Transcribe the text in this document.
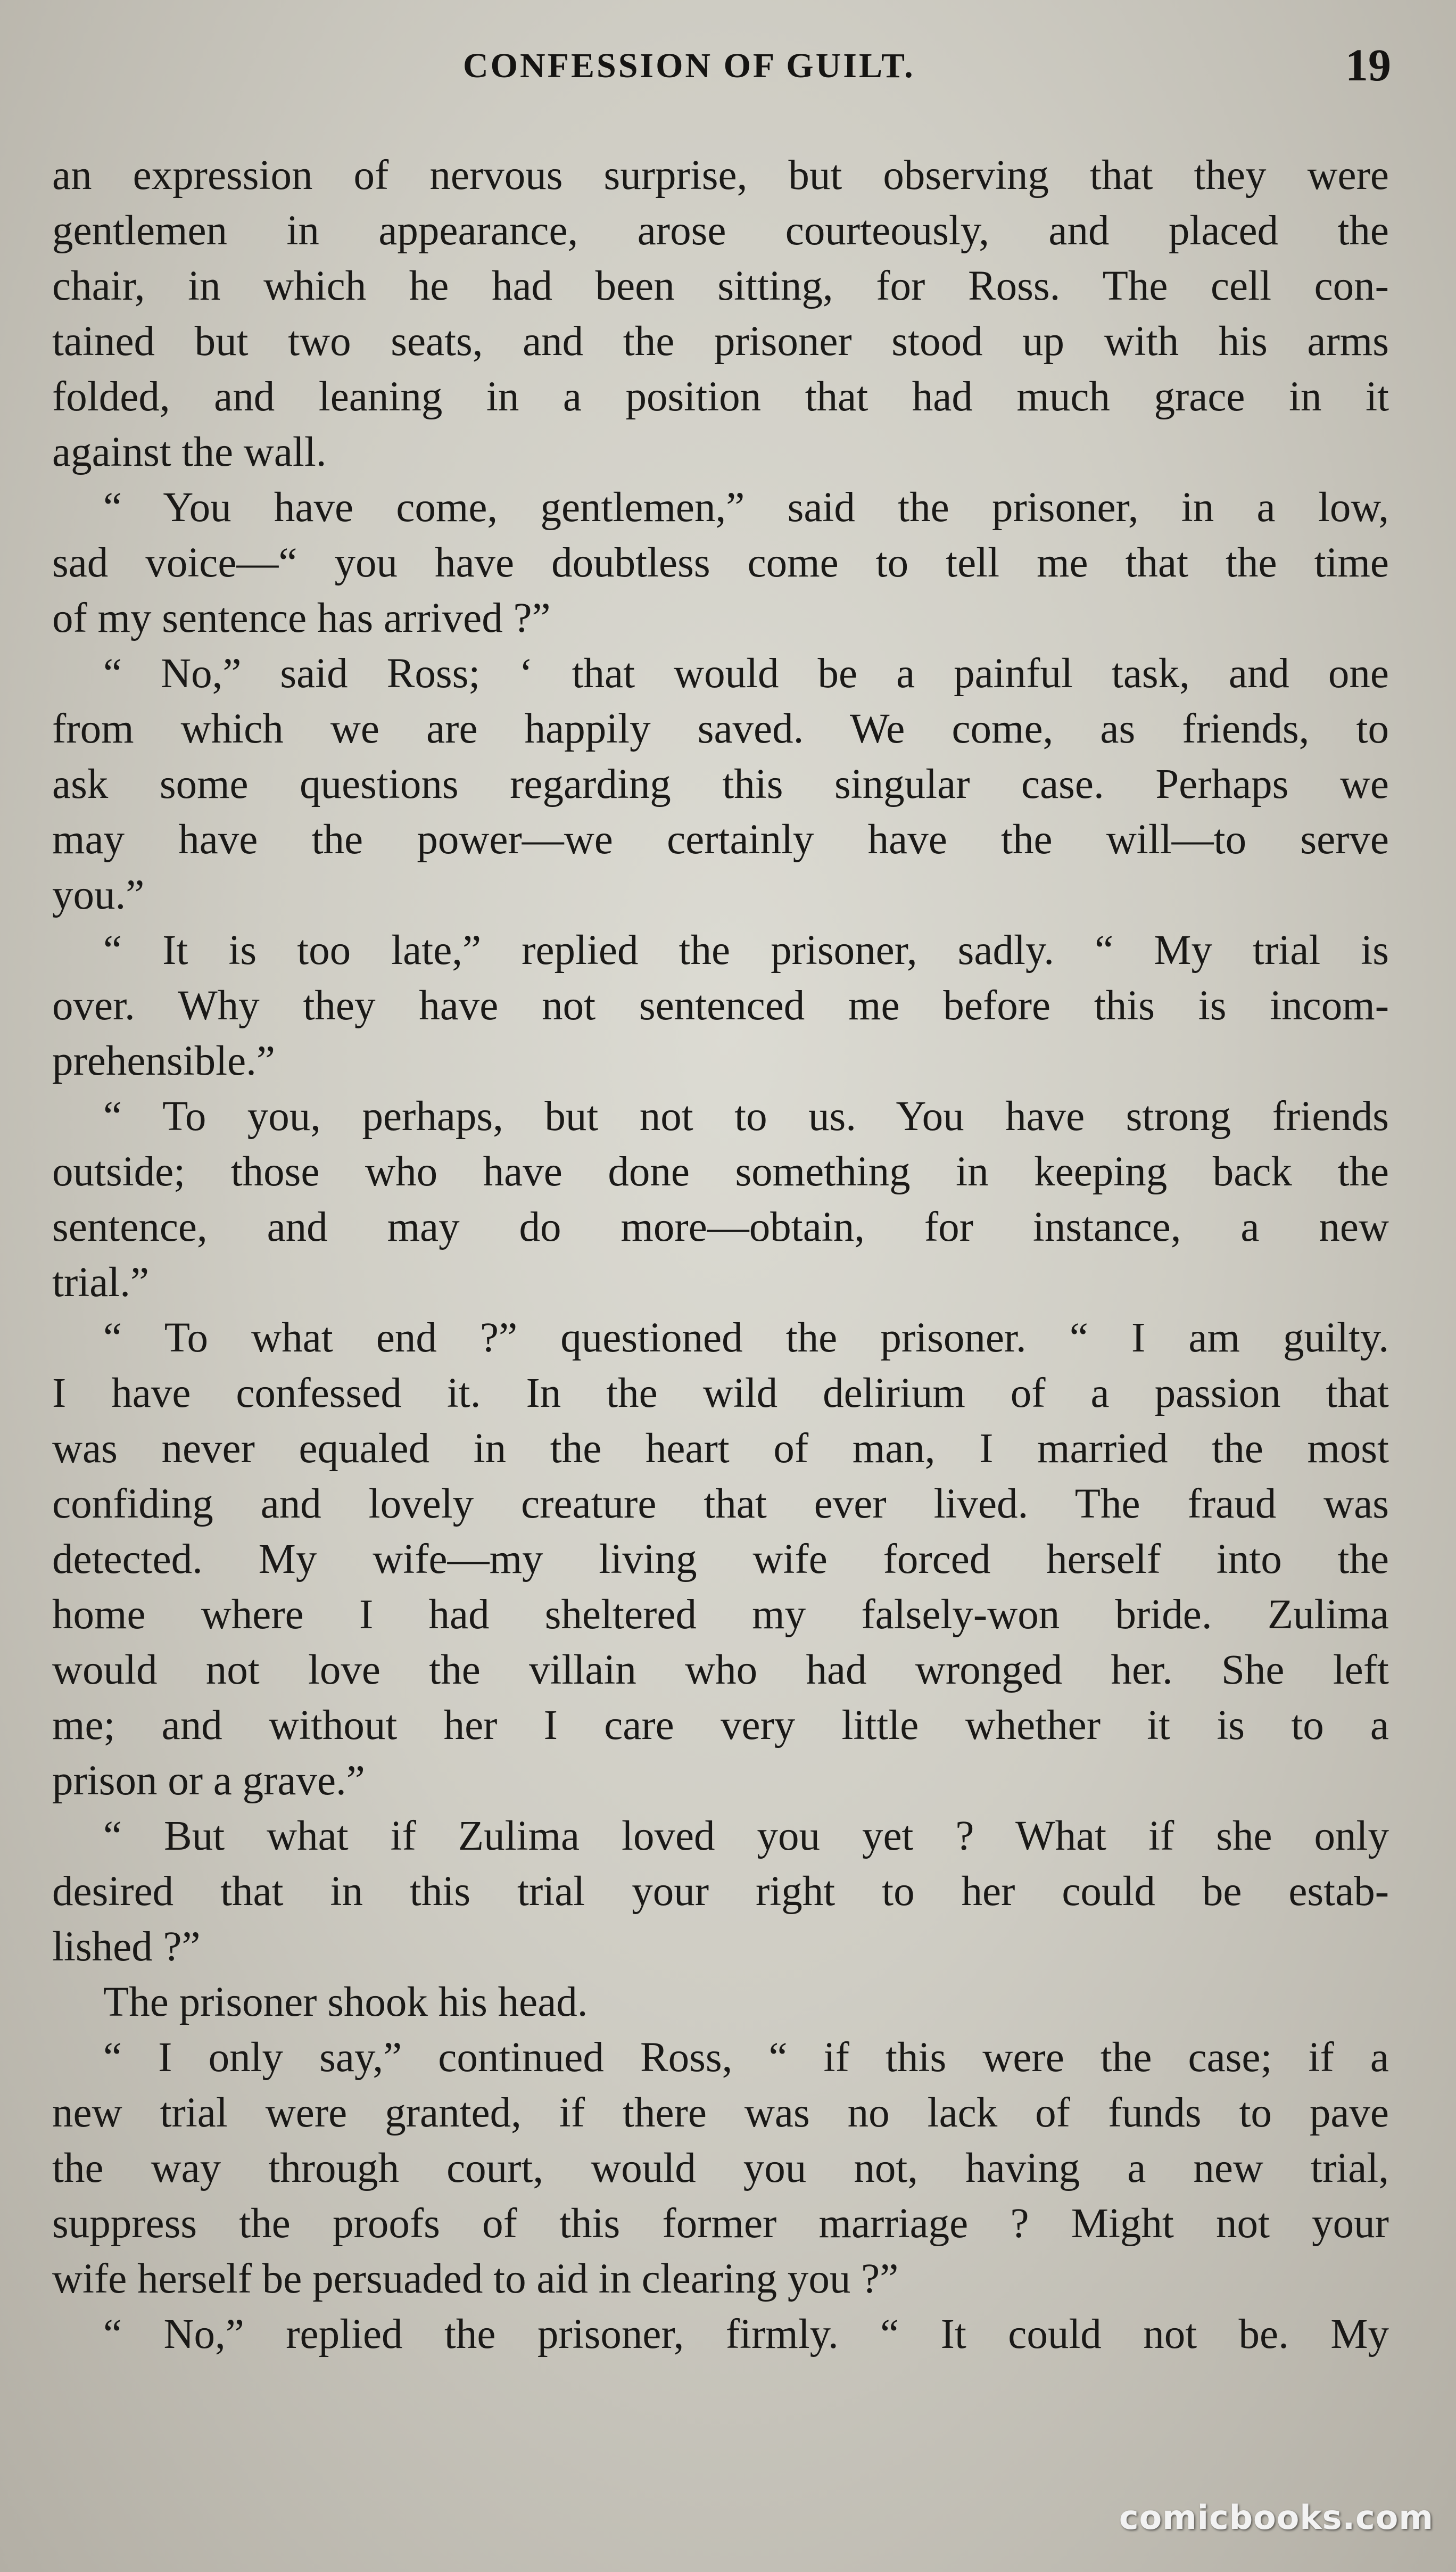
CONFESSION OF GUILT.	19
an expression of nervous surprise, but observing that they were
gentlemen in appearance, arose courteously, and placed the
chair, in which he had been sitting, for Ross. The cell con-
tained but two seats, and the prisoner stood up with his arms
folded, and leaning in a position that had much grace in it
against the wall.
“ You have come, gentlemen,” said the prisoner, in a low,
sad voice—“ you have doubtless come to tell me that the time
of my sentence has arrived ?”
“ No,” said Ross; ‘ that would be a painful task, and one
from which we are happily saved. We come, as friends, to
ask some questions regarding this singular case. Perhaps we
may have the power—we certainly have the will—to serve
you.”
“ It is too late,” replied the prisoner, sadly. “ My trial is
over. Why they have not sentenced me before this is incom-
prehensible.”
“ To you, perhaps, but not to us. You have strong friends
outside; those who have done something in keeping back the
sentence, and may do more—obtain, for instance, a new
trial.”
“ To what end ?” questioned the prisoner. “ I am guilty.
I have confessed it. In the wild delirium of a passion that
was never equaled in the heart of man, I married the most
confiding and lovely creature that ever lived. The fraud was
detected. My wife—my living wife forced herself into the
home where I had sheltered my falsely-won bride. Zulima
would not love the villain who had wronged her. She left
me; and without her I care very little whether it is to a
prison or a grave.”
“ But what if Zulima loved you yet ? What if she only
desired that in this trial your right to her could be estab-
lished ?”
The prisoner shook his head.
“ I only say,” continued Ross, “ if this were the case; if a
new trial were granted, if there was no lack of funds to pave
the way through court, would you not, having a new trial,
suppress the proofs of this former marriage ? Might not your
wife herself be persuaded to aid in clearing you ?”
“ No,” replied the prisoner, firmly. “ It could not be. My
comicbooks.com
